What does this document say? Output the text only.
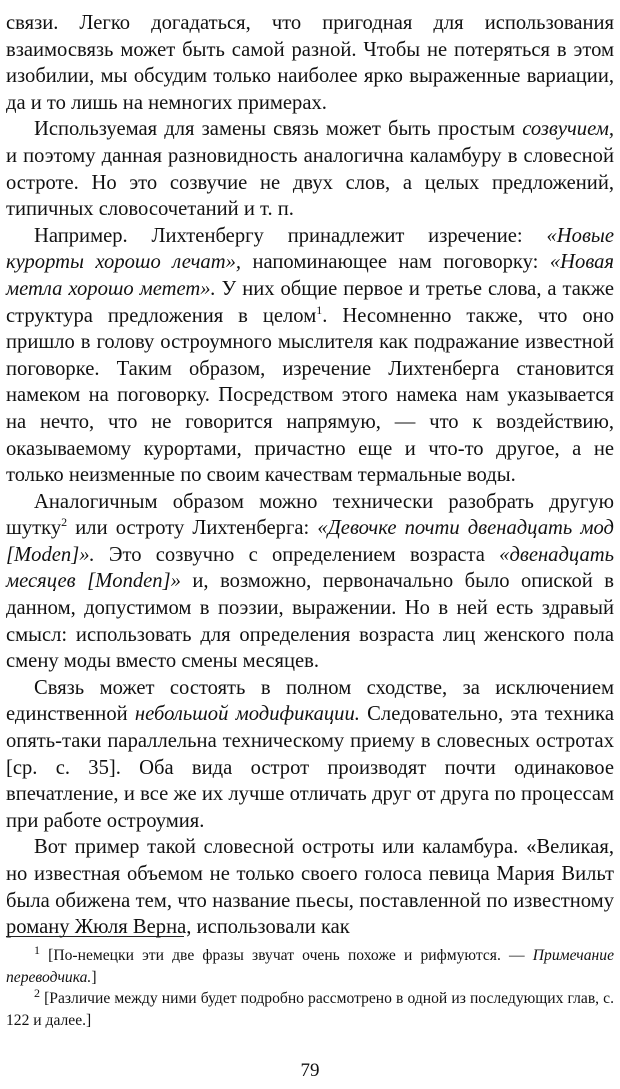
связи. Легко догадаться, что пригодная для использования взаимосвязь может быть самой разной. Чтобы не потеряться в этом изобилии, мы обсудим только наиболее ярко выраженные вариации, да и то лишь на немногих примерах.

Используемая для замены связь может быть простым созвучием, и поэтому данная разновидность аналогична каламбуру в словесной остроте. Но это созвучие не двух слов, а целых предложений, типичных словосочетаний и т. п.

Например. Лихтенбергу принадлежит изречение: «Новые курорты хорошо лечат», напоминающее нам поговорку: «Новая метла хорошо метет». У них общие первое и третье слова, а также структура предложения в целом$^1$. Несомненно также, что оно пришло в голову остроумного мыслителя как подражание известной поговорке. Таким образом, изречение Лихтенберга становится намеком на поговорку. Посредством этого намека нам указывается на нечто, что не говорится напрямую, — что к воздействию, оказываемому курортами, причастно еще и что-то другое, а не только неизменные по своим качествам термальные воды.

Аналогичным образом можно технически разобрать другую шутку$^2$ или остроту Лихтенберга: «Девочке почти двенадцать мод [Moden]». Это созвучно с определением возраста «двенадцать месяцев [Monden]» и, возможно, первоначально было опиской в данном, допустимом в поэзии, выражении. Но в ней есть здравый смысл: использовать для определения возраста лиц женского пола смену моды вместо смены месяцев.

Связь может состоять в полном сходстве, за исключением единственной небольшой модификации. Следовательно, эта техника опять-таки параллельна техническому приему в словесных остротах [ср. с. 35]. Оба вида острот производят почти одинаковое впечатление, и все же их лучше отличать друг от друга по процессам при работе остроумия.

Вот пример такой словесной остроты или каламбура. «Великая, но известная объемом не только своего голоса певица Мария Вильт была обижена тем, что название пьесы, поставленной по известному роману Жюля Верна, использовали как

$^1$ [По-немецки эти две фразы звучат очень похоже и рифмуются. — Примечание переводчика.]

$^2$ [Различие между ними будет подробно рассмотрено в одной из последующих глав, с. 122 и далее.]

79
